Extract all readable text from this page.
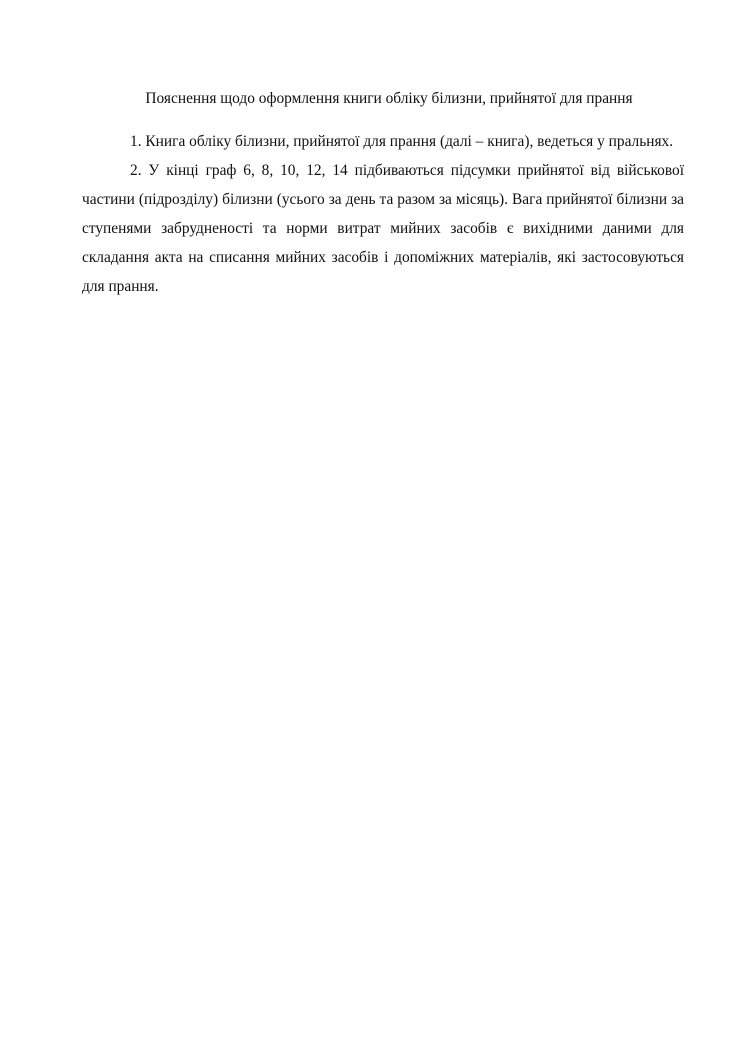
Пояснення щодо оформлення книги обліку білизни, прийнятої для прання

1. Книга обліку білизни, прийнятої для прання (далі – книга), ведеться у пральнях.

2. У кінці граф 6, 8, 10, 12, 14 підбиваються підсумки прийнятої від військової частини (підрозділу) білизни (усього за день та разом за місяць). Вага прийнятої білизни за ступенями забрудненості та норми витрат мийних засобів є вихідними даними для складання акта на списання мийних засобів і допоміжних матеріалів, які застосовуються для прання.
